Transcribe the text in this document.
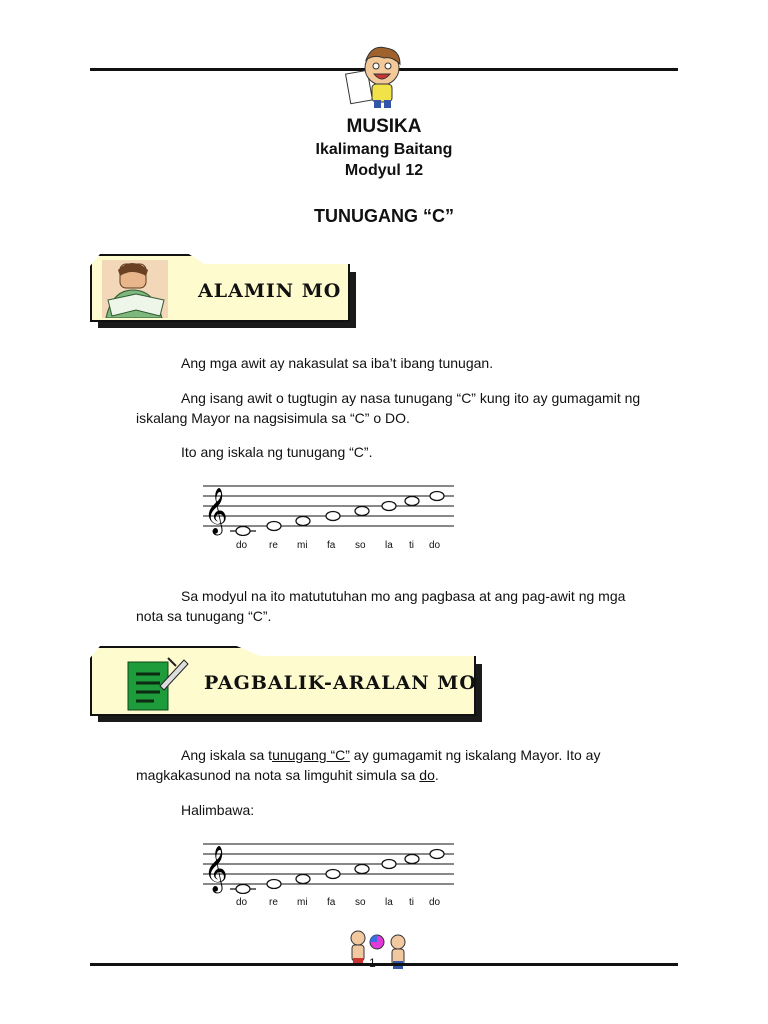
MUSIKA
Ikalimang Baitang
Modyul 12
TUNUGANG “C”
ALAMIN MO

Ang mga awit ay nakasulat sa iba’t ibang tunugan.

Ang isang awit o tugtugin ay nasa tunugang “C” kung ito ay gumagamit ng
iskalang Mayor na nagsisimula sa “C” o DO.

Ito ang iskala ng tunugang “C”.

𝄞
do re mi fa so la ti do

Sa modyul na ito matututuhan mo ang pagbasa at ang pag-awit ng mga
nota sa tunugang “C”.

PAGBALIK-ARALAN MO

Ang iskala sa tunugang “C” ay gumagamit ng iskalang Mayor. Ito ay
magkakasunod na nota sa limguhit simula sa do.

Halimbawa:

𝄞
do re mi fa so la ti do
